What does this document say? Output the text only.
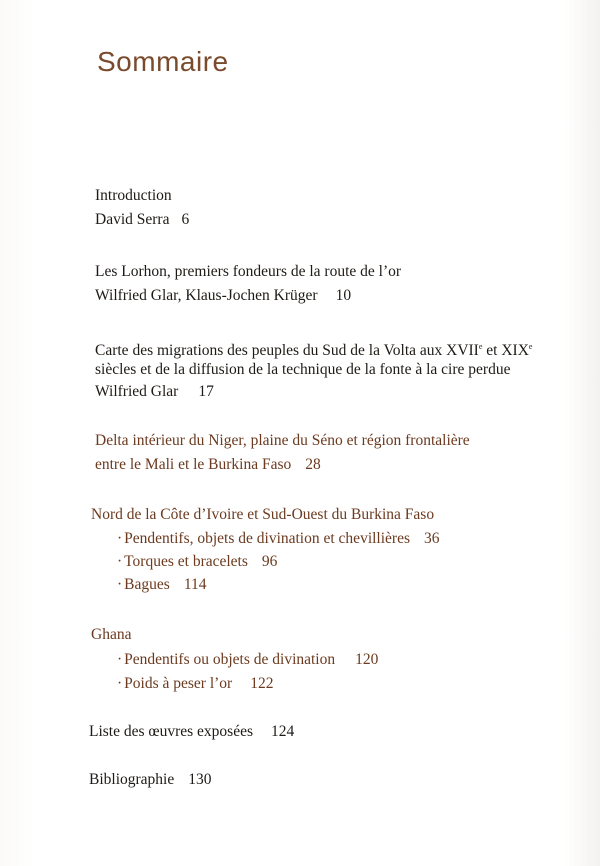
Sommaire
Introduction
David Serra 6
Les Lorhon, premiers fondeurs de la route de l’or
Wilfried Glar, Klaus-Jochen Krüger 10
Carte des migrations des peuples du Sud de la Volta aux XVIIe et XIXe
siècles et de la diffusion de la technique de la fonte à la cire perdue
Wilfried Glar 17
Delta intérieur du Niger, plaine du Séno et région frontalière
entre le Mali et le Burkina Faso 28
Nord de la Côte d’Ivoire et Sud-Ouest du Burkina Faso
· Pendentifs, objets de divination et chevillières 36
· Torques et bracelets 96
· Bagues 114
Ghana
· Pendentifs ou objets de divination 120
· Poids à peser l’or 122
Liste des œuvres exposées 124
Bibliographie 130
